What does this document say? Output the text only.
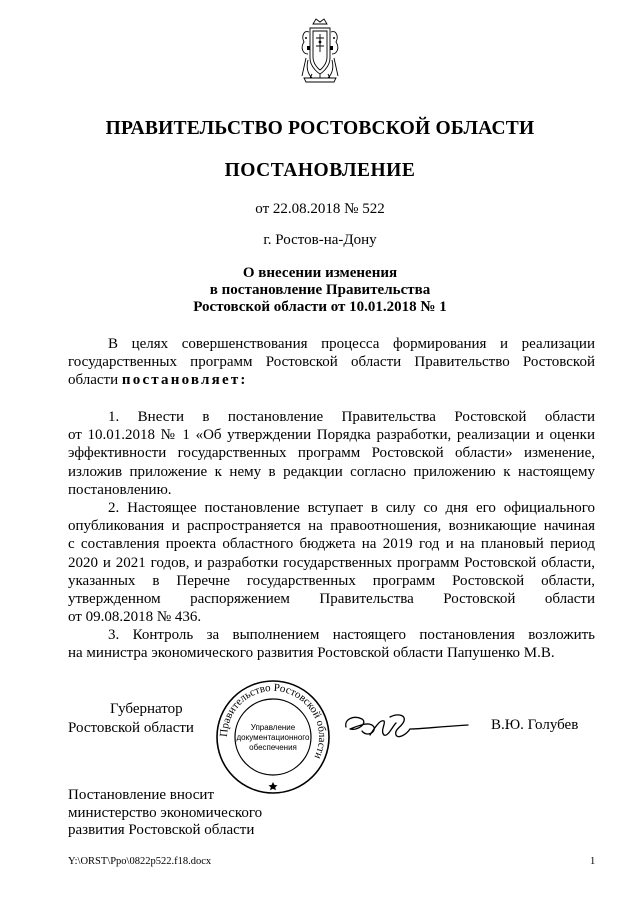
ПРАВИТЕЛЬСТВО РОСТОВСКОЙ ОБЛАСТИ
ПОСТАНОВЛЕНИЕ
от 22.08.2018 № 522
г. Ростов-на-Дону
О внесении изменения
в постановление Правительства
Ростовской области от 10.01.2018 № 1
В целях совершенствования процесса формирования и реализации
государственных программ Ростовской области Правительство Ростовской
области постановляет:
1. Внести в постановление Правительства Ростовской области
от 10.01.2018 № 1 «Об утверждении Порядка разработки, реализации и оценки
эффективности государственных программ Ростовской области» изменение,
изложив приложение к нему в редакции согласно приложению к настоящему
постановлению.
2. Настоящее постановление вступает в силу со дня его официального
опубликования и распространяется на правоотношения, возникающие начиная
с составления проекта областного бюджета на 2019 год и на плановый период
2020 и 2021 годов, и разработки государственных программ Ростовской области,
указанных в Перечне государственных программ Ростовской области,
утвержденном распоряжением Правительства Ростовской области
от 09.08.2018 № 436.
3. Контроль за выполнением настоящего постановления возложить
на министра экономического развития Ростовской области Папушенко М.В.
Губернатор
Ростовской области Правительство Ростовской области
Управление
документационного
обеспечения
В.Ю. Голубев
Постановление вносит
министерство экономического
развития Ростовской области
Y:\ORST\Ppo\0822p522.f18.docx	1
